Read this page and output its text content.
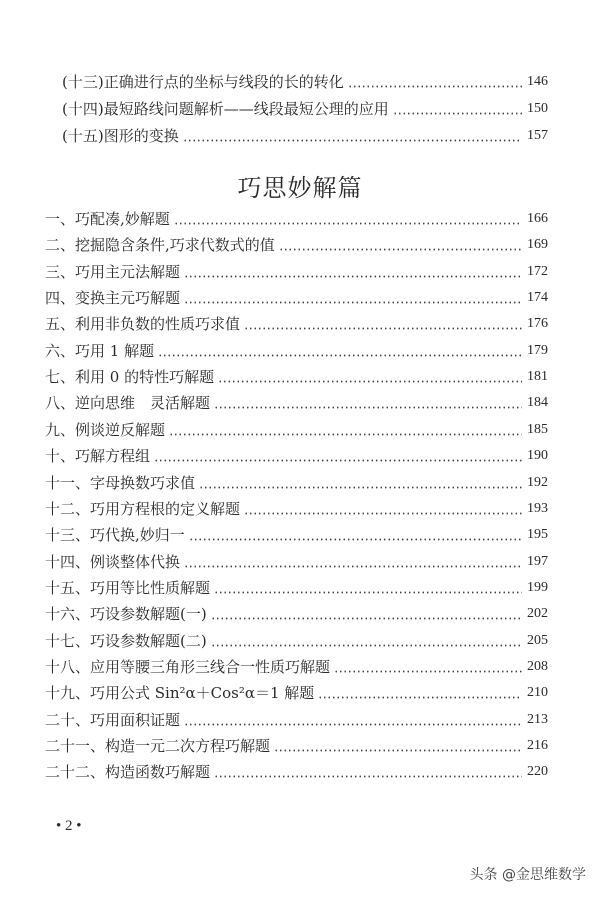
(十三)正确进行点的坐标与线段的长的转化	146
(十四)最短路线问题解析——线段最短公理的应用	150
(十五)图形的变换	157
巧思妙解篇
一、巧配凑,妙解题	166
二、挖掘隐含条件,巧求代数式的值	169
三、巧用主元法解题	172
四、变换主元巧解题	174
五、利用非负数的性质巧求值	176
六、巧用 1 解题	179
七、利用 0 的特性巧解题	181
八、逆向思维　灵活解题	184
九、例谈逆反解题	185
十、巧解方程组	190
十一、字母换数巧求值	192
十二、巧用方程根的定义解题	193
十三、巧代换,妙归一	195
十四、例谈整体代换	197
十五、巧用等比性质解题	199
十六、巧设参数解题(一)	202
十七、巧设参数解题(二)	205
十八、应用等腰三角形三线合一性质巧解题	208
十九、巧用公式 Sin²α＋Cos²α＝1 解题	210
二十、巧用面积证题	213
二十一、构造一元二次方程巧解题	216
二十二、构造函数巧解题	220
• 2 •
头条 @金思维数学
